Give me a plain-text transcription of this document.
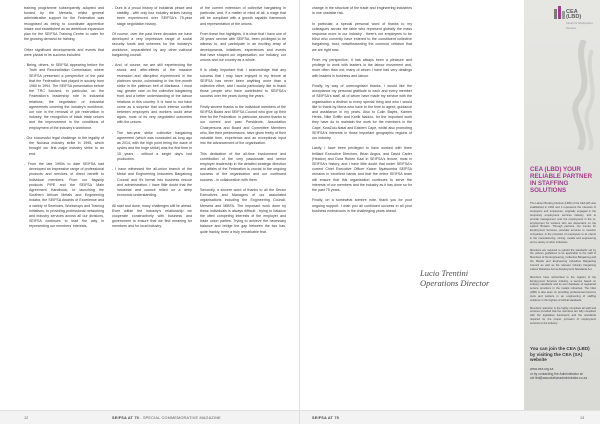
training programme subsequently adopted and funded by the Merseta, whilst general administrative support for the Federation was recognised as being to coordinate apprentice intake and established as an ambitious expansion plan for the SEIFSA Training Centre to cater for the growing demand for training.

Other significant developments and events that were pivotal to its success included:

- Being, others, to SEIFSA appearing before the Truth and Reconciliation Commission, where SEIFSA presented a perspective of the past that the Federation had played in society from 1960 to 1994. The SEIFSA presentation before the TRC focused, in particular, on the Federation's leadership role in industrial relations, the negotiation of industrial agreements covering the industry's workforce, our role in the removal of job reservation in industry, the recognition of black trade unions and the improvement in the conditions of employment of the industry's workforce.

- Our successful legal challenge to the legality of the Nunasa industry strike in 1995, which brought our first major industry strike to an end.

- From the late 1990s to date SEIFSA had developed an impressive range of professional products and services of direct benefit to individual members. From our flagship products PIPE and the SEIFSA Main Agreement Handbook, to launching the Southern African Metals and Engineering Indaba, the SEIFSA Awards of Excellence and a variety of Seminars, Workshops and Training Initiatives, to providing professional networking and industry services across all our divisions, SEIFSA continues to lead the way in representing our members' interests.

- Ours is a proud history of industrial peace and stability - with only four industry strikes having been experienced over SEIFSA's 75-year stage negotiation history.

Of course, over the past three decades we have developed a very impressive range of social security funds and schemes for the industry's workforce, unparalleled by any other national bargaining council.

- And, of course, we are still experiencing the shock and after-effects of the massive recession and disruptive experienced in the platinum sector, culminating in the five-month strike in the platinum belt of Marikana. I must say, greater care on the collective bargaining front and a better understanding of the labour relations in this country. It is hard to not have come as a surprise that such intense conflict between employers and workers could arise again, most of its very negotiated outcomes with the unions.

- The two-year strike collective bargaining agreement (which was concluded as long ago as 2014, with the high point being the wave of cycles and the huge strike) was the first time in 15 years - without a single day's lost production.

- I have witnessed the all-union branch of the Metal and Engineering Industries Bargaining Council and it's formal into business rescue and administration. I have little doubt that the industrial and council relied on a deep economic understanding.

All said and done, many challenges still lie ahead. Even within the industry's relationship we cooperate constructively with business and government to ensure that we find meaning for members and for local industry.

of the current extension of collective bargaining in particular, and, if a matter of mind at all, a wage that will be compliant with a growth capable framework and representation of the unions.

From these few highlights, it is clear that I have one of 28 years' service with SEIFSA, been privileged to be witness to, and participate in an exciting array of developments, initiatives, experiences and events that have shaped our organisation, our industry, our unions and our country as a whole.

It is vitally important that I acknowledge that any success that I may have enjoyed in my tenure at SEIFSA has never been anything more than a collective effort, and I would particularly like to thank those people who have contributed to SEIFSA's success over the years during the years.

Firstly sincere thanks to the individual members of the SEIFSA Board and SEIFSA Council who give up their time for the Federation. In particular, sincere thanks to our current and past Presidents, Association Chairpersons and Board and Committee Members who, like their predecessors, have given freely of their valuable time, experience and an exceptional input into the advancement of the organisation.

This dedication of the all-time involvement and contribution of the very passionate and senior employer leadership in the detailed strategic direction and affairs of the Federation is crucial to the ongoing success of the organisation and our continued success - in collaboration with them.

Secondly, a sincere word of thanks to all the Sector Executives and Managers of our associated organisations including the Engineering Council, Merseta and MIBFA. The important work done by these individuals is always difficult - trying to balance the often competing interests of the employer and trade union parties. Trying to achieve the necessary balance and bridge the gap between the two has, quite frankly, been a truly remarkable feat.

12	SEIFSA AT 75 - SPECIAL COMMEMORATIVE MAGAZINE

change in the structure of the trade and engineering industries in one unstable risk.

In particular, a special personal word of thanks to my colleagues across the table who represent globally the mass response more in our industry - there's not employees to be blind who currently have entered to the constituent collective bargaining, trust, notwithstanding the common criticism that we are right now.

From my perspective, it has always been a pleasure and privilege to work with leaders in the labour movement and, more often than not, many of whom I have had very dealings with leaders in business and labour.

Finally, by way of unrecognised thanks, I would like the acceptance my personal gratitude to each and every member of SEIFSA's staff, all of whom have made my service with the organisation a distinct to every special thing and who I would like to thank by Mena who have to the time to agree, guidance and assistance in my years. Also to Colin Bayes, Kamen Herbs, Nike Griffin and Karlik Naidoo, for the important work they have do to maintain the work for the members in the Cape, KwaZulu-Natal and Eastern Cape, whilst also promoting SEIFSA's interests in those important geographic regions of our industry.

Lastly, I have been privileged to have worked with three brilliant Executive Directors, Brian Angus, and David Carter (Heaton) and Dora Ruben Kazi in SEIFSA's tenure, most in SEIFSA's history, and I have little doubt that under SEIFSA's current Chief Executive Officer Kaizer Nyatsumba SEIFSA remains in excellent hands and that the entire SEIFSA team will ensure that this organisation continues to serve the interests of our members and the industry as it has done so for the past 75 years.

Finally, on a somewhat sombre note, thank you for your ongoing support. I wish you all continued success in all your business endeavours in the challenging years ahead.

Lucio Trentini
Operations Director
CEA (LBD)
Centre for Employment Services
CEA (LBD) YOUR RELIABLE PARTNER IN STAFFING SOLUTIONS

The Labour Broking Division (LBD) of the CEA (W) was established in 1994 and it represents the interests of employers and employees, originally engaged in the temporary employment services industry, and to provide management over the employment in the re-employment for workers who are dependent on the Labour Brokers. Through partners, the Centre for Employment Services, provides services to member companies, in the provision of employees to its clients in the manufacturing, mining, metals and engineering and a variety of other industries.

Members are required to uphold the standards set by the various guidelines to be applicable to the staff of Members of the Engineering, Collective Bargaining and the Metals and Engineering Industries Bargaining Council as well as the relevant industry bargaining Labour Relations Act as Employment Standards Act.

Members have subscribed to the register of the Employment Services industry, a service based on industry standards and its own database of registered service providers in the metals industries. The CEA (LBD) is also keen on providing professional resource tools and workers in an engineering of staffing solutions in the highest of ethical standards.

Members' attention is the highly compliant all staff and services provided that the members are fully compliant with the legislative framework and the standards required for the proper provision of employment services to the industry.

You can join the CEA (LBD) by visiting the CEA (SA) website
www.cea.org.za
or by contacting the Administrator at
cel.lbd@associationadministrator.co.za
SEIFSA AT 75	13
